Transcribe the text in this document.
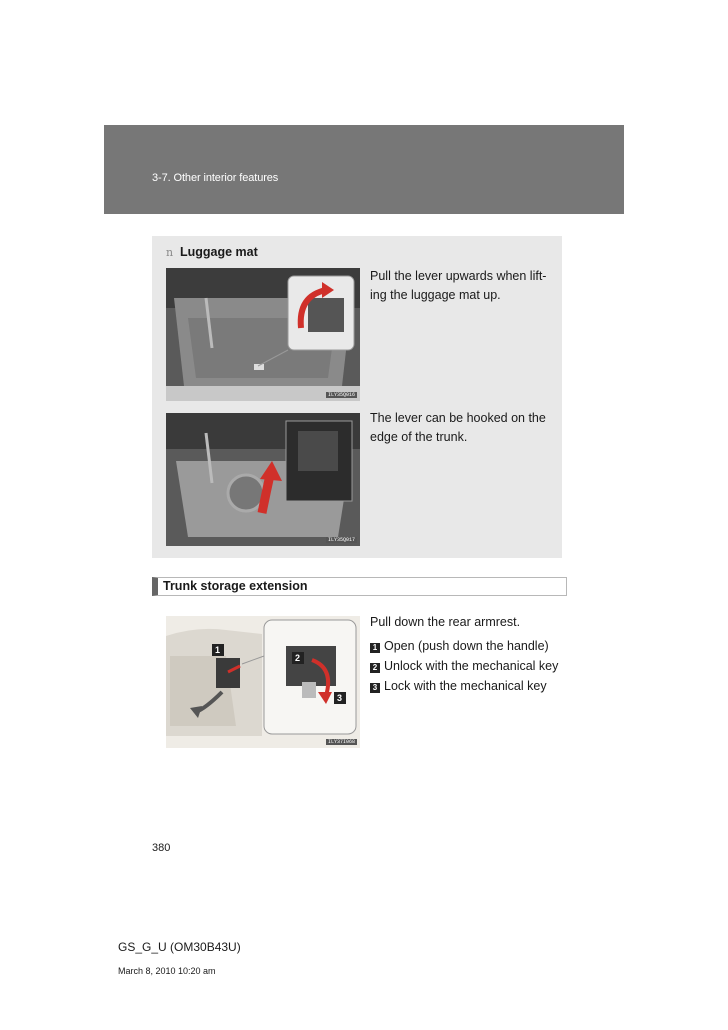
3-7. Other interior features
n Luggage mat
ILY35Q016
Pull the lever upwards when lift-ing the luggage mat up.
ILY35Q017
The lever can be hooked on the edge of the trunk.
Trunk storage extension
1
2
3
ILY37I068
Pull down the rear armrest.
1 Open (push down the handle)
2 Unlock with the mechanical key
3 Lock with the mechanical key
380
GS_G_U (OM30B43U)
March 8, 2010 10:20 am
